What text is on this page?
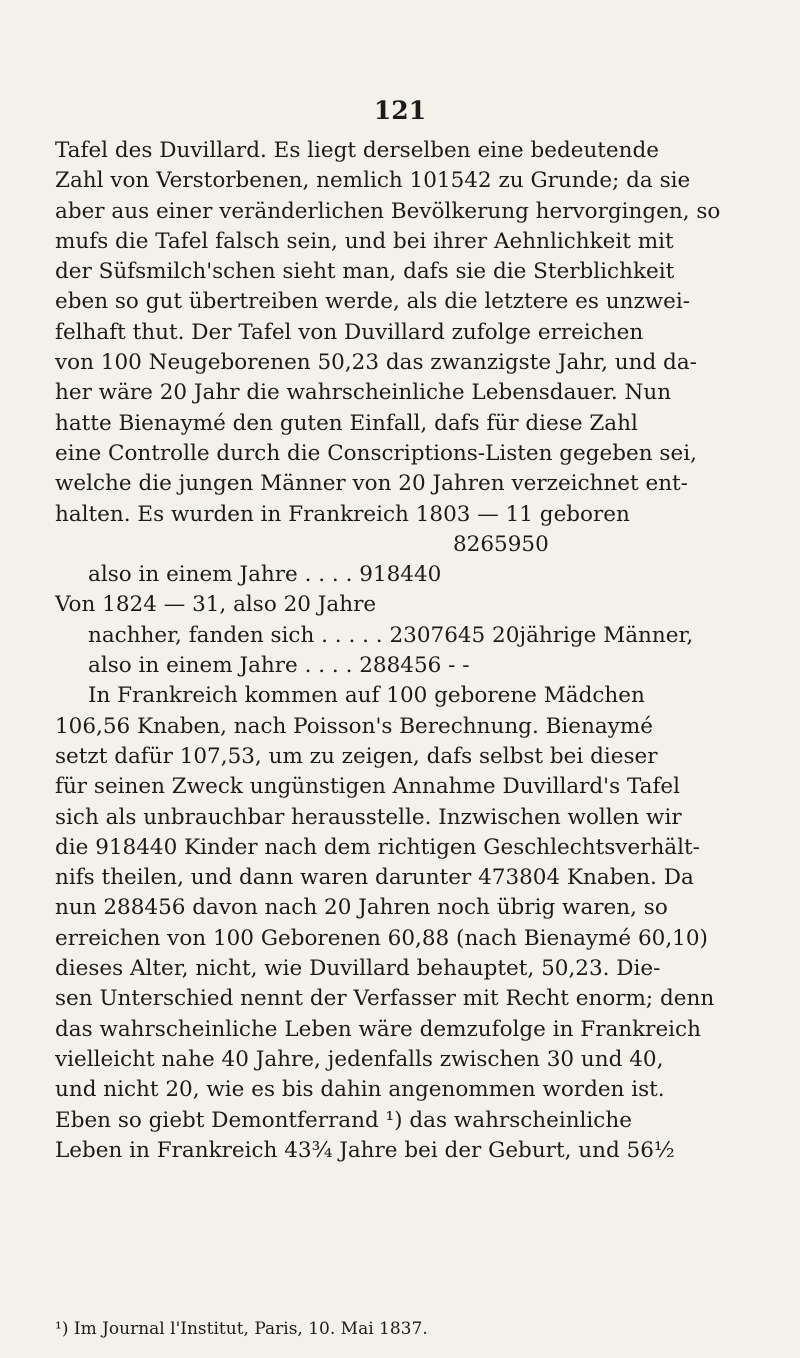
121
Tafel des Duvillard. Es liegt derselben eine bedeutende
Zahl von Verstorbenen, nemlich 101542 zu Grunde; da sie
aber aus einer veränderlichen Bevölkerung hervorgingen, so
mufs die Tafel falsch sein, und bei ihrer Aehnlichkeit mit
der Süfsmilch'schen sieht man, dafs sie die Sterblichkeit
eben so gut übertreiben werde, als die letztere es unzwei-
felhaft thut. Der Tafel von Duvillard zufolge erreichen
von 100 Neugeborenen 50,23 das zwanzigste Jahr, und da-
her wäre 20 Jahr die wahrscheinliche Lebensdauer. Nun
hatte Bienaymé den guten Einfall, dafs für diese Zahl
eine Controlle durch die Conscriptions-Listen gegeben sei,
welche die jungen Männer von 20 Jahren verzeichnet ent-
halten. Es wurden in Frankreich 1803 — 11 geboren
8265950
also in einem Jahre . . . . 918440
Von 1824 — 31, also 20 Jahre
nachher, fanden sich . . . . . 2307645 20jährige Männer,
also in einem Jahre . . . . 288456 - -
In Frankreich kommen auf 100 geborene Mädchen
106,56 Knaben, nach Poisson's Berechnung. Bienaymé
setzt dafür 107,53, um zu zeigen, dafs selbst bei dieser
für seinen Zweck ungünstigen Annahme Duvillard's Tafel
sich als unbrauchbar herausstelle. Inzwischen wollen wir
die 918440 Kinder nach dem richtigen Geschlechtsverhält-
nifs theilen, und dann waren darunter 473804 Knaben. Da
nun 288456 davon nach 20 Jahren noch übrig waren, so
erreichen von 100 Geborenen 60,88 (nach Bienaymé 60,10)
dieses Alter, nicht, wie Duvillard behauptet, 50,23. Die-
sen Unterschied nennt der Verfasser mit Recht enorm; denn
das wahrscheinliche Leben wäre demzufolge in Frankreich
vielleicht nahe 40 Jahre, jedenfalls zwischen 30 und 40,
und nicht 20, wie es bis dahin angenommen worden ist.
Eben so giebt Demontferrand ¹) das wahrscheinliche
Leben in Frankreich 43¾ Jahre bei der Geburt, und 56½
¹) Im Journal l'Institut, Paris, 10. Mai 1837.
